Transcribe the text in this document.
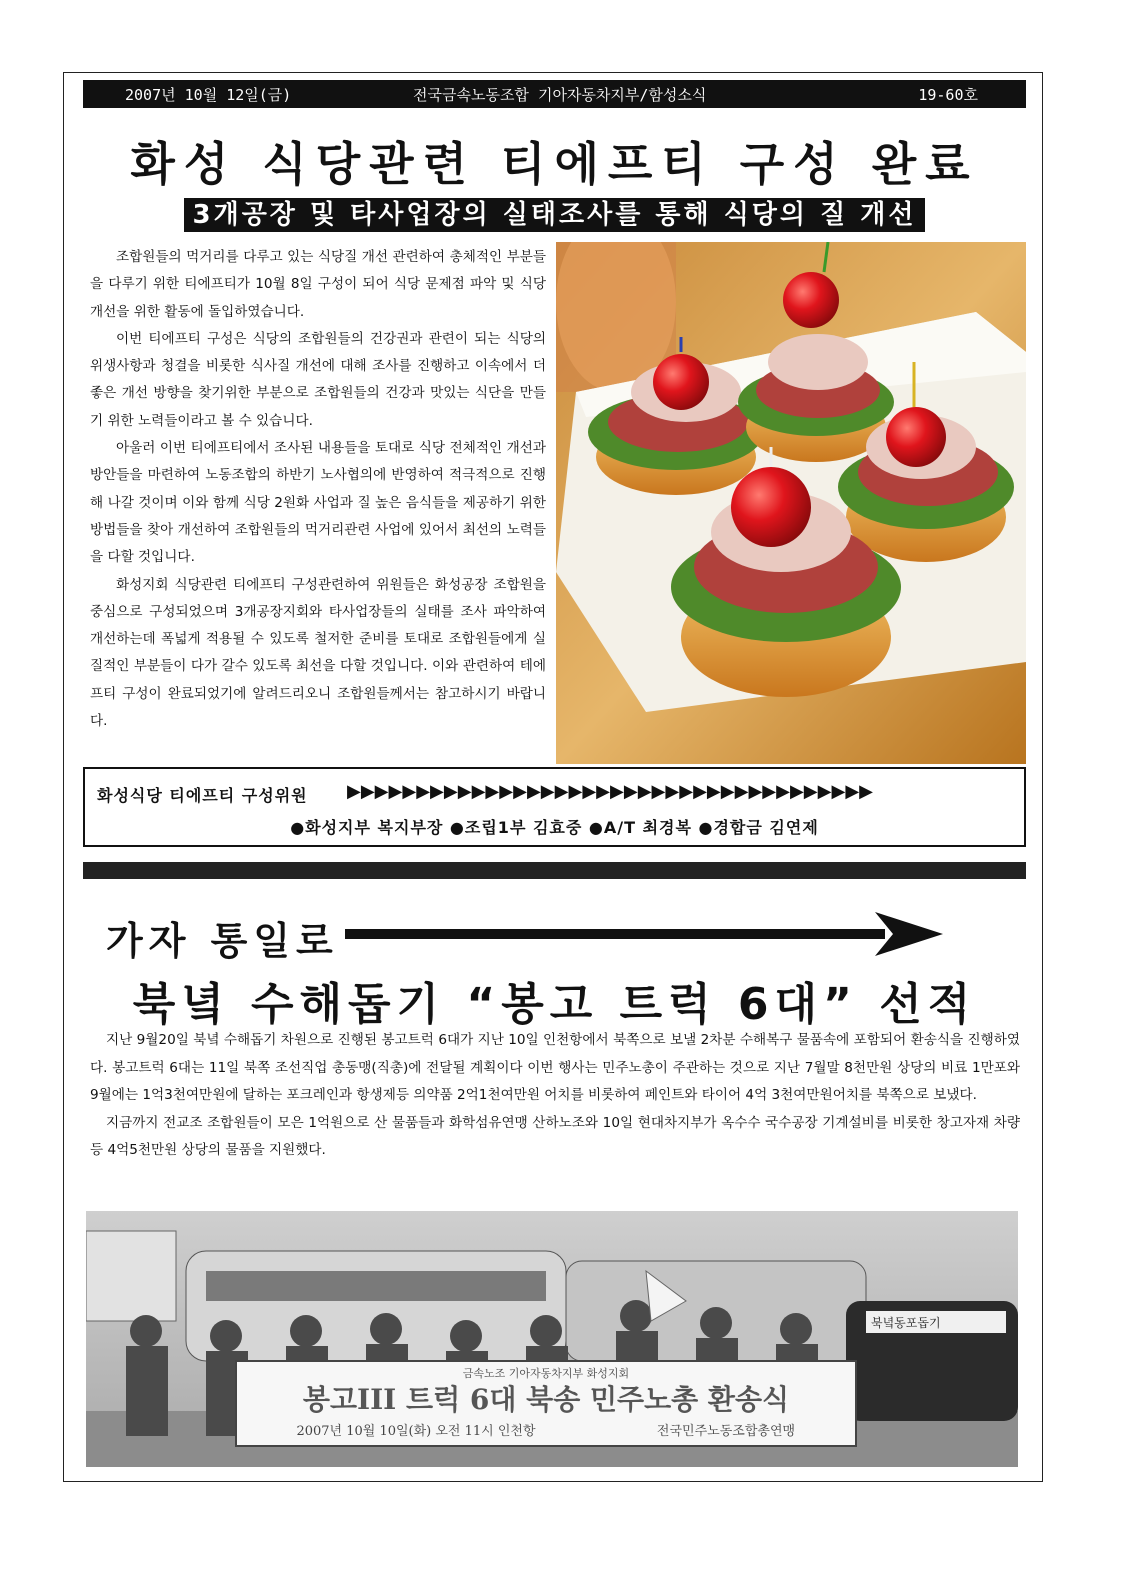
2007년 10월 12일(금)	전국금속노동조합 기아자동차지부/함성소식	19-60호
화성 식당관련 티에프티 구성 완료
3개공장 및 타사업장의 실태조사를 통해 식당의 질 개선

조합원들의 먹거리를 다루고 있는 식당질 개선 관련하여 총체적인 부분들을 다루기 위한 티에프티가 10월 8일 구성이 되어 식당 문제점 파악 및 식당 개선을 위한 활동에 돌입하였습니다.

이번 티에프티 구성은 식당의 조합원들의 건강권과 관련이 되는 식당의 위생사항과 청결을 비롯한 식사질 개선에 대해 조사를 진행하고 이속에서 더 좋은 개선 방향을 찾기위한 부분으로 조합원들의 건강과 맛있는 식단을 만들기 위한 노력들이라고 볼 수 있습니다.

아울러 이번 티에프티에서 조사된 내용들을 토대로 식당 전체적인 개선과 방안들을 마련하여 노동조합의 하반기 노사협의에 반영하여 적극적으로 진행해 나갈 것이며 이와 함께 식당 2원화 사업과 질 높은 음식들을 제공하기 위한 방법들을 찾아 개선하여 조합원들의 먹거리관련 사업에 있어서 최선의 노력들을 다할 것입니다.

화성지회 식당관련 티에프티 구성관련하여 위원들은 화성공장 조합원을 중심으로 구성되었으며 3개공장지회와 타사업장들의 실태를 조사 파악하여 개선하는데 폭넓게 적용될 수 있도록 철저한 준비를 토대로 조합원들에게 실질적인 부분들이 다가 갈수 있도록 최선을 다할 것입니다. 이와 관련하여 테에프티 구성이 완료되었기에 알려드리오니 조합원들께서는 참고하시기 바랍니다.

화성식당 티에프티 구성위원 ▶▶▶▶▶▶▶▶▶▶▶▶▶▶▶▶▶▶▶▶▶▶▶▶▶▶▶▶▶▶▶▶▶▶▶▶▶▶
●화성지부 복지부장 ●조립1부 김효중 ●A/T 최경복 ●경합금 김연제
가자 통일로
북녘 수해돕기 “봉고 트럭 6대” 선적

지난 9월20일 북녘 수해돕기 차원으로 진행된 봉고트럭 6대가 지난 10일 인천항에서 북쪽으로 보낼 2차분 수해복구 물품속에 포함되어 환송식을 진행하였다. 봉고트럭 6대는 11일 북쪽 조선직업 총동맹(직총)에 전달될 계획이다 이번 행사는 민주노총이 주관하는 것으로 지난 7월말 8천만원 상당의 비료 1만포와 9월에는 1억3천여만원에 달하는 포크레인과 항생제등 의약품 2억1천여만원 어치를 비롯하여 페인트와 타이어 4억 3천여만원어치를 북쪽으로 보냈다.

지금까지 전교조 조합원들이 모은 1억원으로 산 물품들과 화학섬유연맹 산하노조와 10일 현대차지부가 옥수수 국수공장 기계설비를 비롯한 창고자재 차량등 4억5천만원 상당의 물품을 지원했다.

북녘동포돕기
금속노조 기아자동차지부 화성지회
봉고III 트럭 6대 북송 민주노총 환송식
2007년 10월 10일(화) 오전 11시 인천항	전국민주노동조합총연맹
